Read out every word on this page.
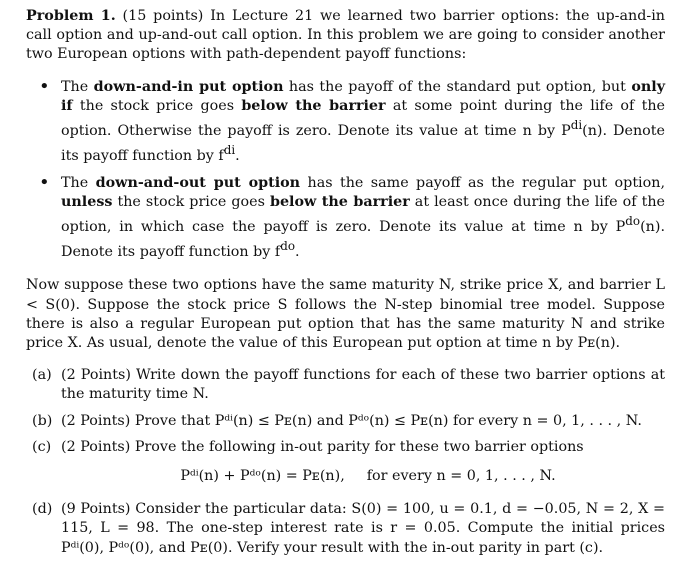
Problem 1. (15 points) In Lecture 21 we learned two barrier options: the up-and-in call option and up-and-out call option. In this problem we are going to consider another two European options with path-dependent payoff functions:

• The down-and-in put option has the payoff of the standard put option, but only if the stock price goes below the barrier at some point during the life of the option. Otherwise the payoff is zero. Denote its value at time n by $P^{di}(n)$. Denote its payoff function by $f^{di}$.
• The down-and-out put option has the same payoff as the regular put option, unless the stock price goes below the barrier at least once during the life of the option, in which case the payoff is zero. Denote its value at time n by $P^{do}(n)$. Denote its payoff function by $f^{do}$.

Now suppose these two options have the same maturity N, strike price X, and barrier L < S(0). Suppose the stock price S follows the N-step binomial tree model. Suppose there is also a regular European put option that has the same maturity N and strike price X. As usual, denote the value of this European put option at time n by Pᴇ(n).

(a) (2 Points) Write down the payoff functions for each of these two barrier options at the maturity time N.
(b) (2 Points) Prove that Pᵈⁱ(n) ≤ Pᴇ(n) and Pᵈᵒ(n) ≤ Pᴇ(n) for every n = 0, 1, . . . , N.
(c) (2 Points) Prove the following in-out parity for these two barrier options
Pᵈⁱ(n) + Pᵈᵒ(n) = Pᴇ(n), for every n = 0, 1, . . . , N.
(d) (9 Points) Consider the particular data: S(0) = 100, u = 0.1, d = −0.05, N = 2, X = 115, L = 98. The one-step interest rate is r = 0.05. Compute the initial prices Pᵈⁱ(0), Pᵈᵒ(0), and Pᴇ(0). Verify your result with the in-out parity in part (c).
